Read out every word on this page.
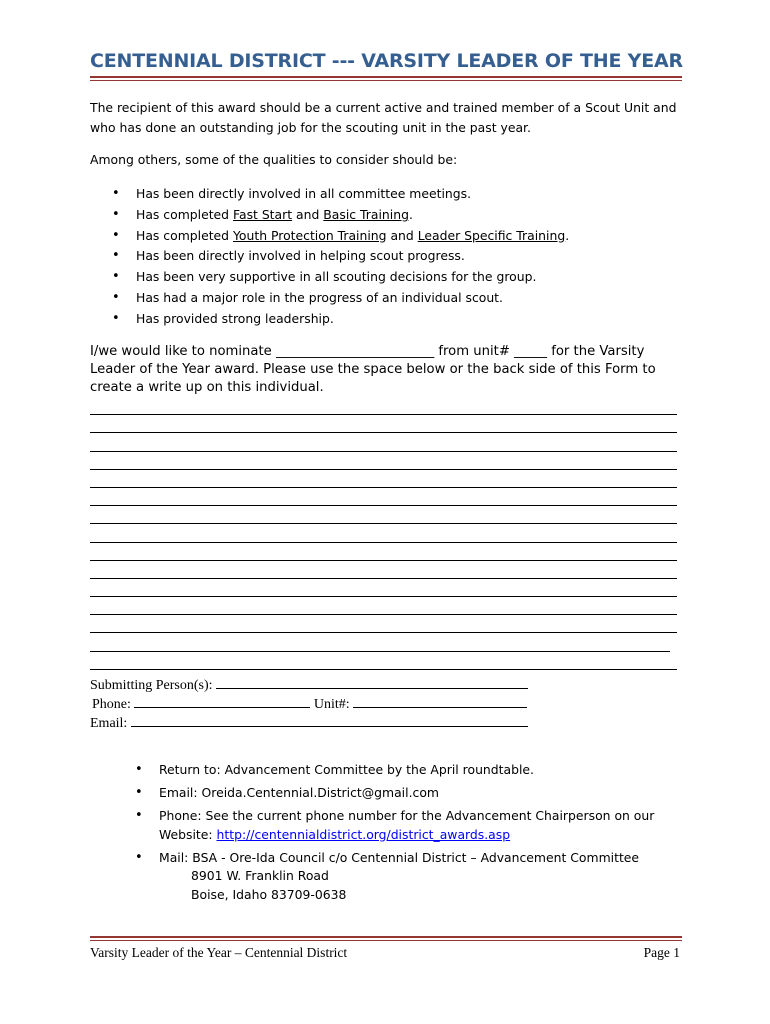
CENTENNIAL DISTRICT --- VARSITY LEADER OF THE YEAR
The recipient of this award should be a current active and trained member of a Scout Unit and who has done an outstanding job for the scouting unit in the past year.
Among others, some of the qualities to consider should be:
• Has been directly involved in all committee meetings.
• Has completed Fast Start and Basic Training.
• Has completed Youth Protection Training and Leader Specific Training.
• Has been directly involved in helping scout progress.
• Has been very supportive in all scouting decisions for the group.
• Has had a major role in the progress of an individual scout.
• Has provided strong leadership.
I/we would like to nominate ________________________ from unit# _____ for the Varsity Leader of the Year award. Please use the space below or the back side of this Form to create a write up on this individual.
Submitting Person(s):
Phone:	Unit#:
Email:
• Return to: Advancement Committee by the April roundtable.
• Email: Oreida.Centennial.District@gmail.com
• Phone: See the current phone number for the Advancement Chairperson on our
Website: http://centennialdistrict.org/district_awards.asp
• Mail: BSA - Ore-Ida Council c/o Centennial District – Advancement Committee
8901 W. Franklin Road
Boise, Idaho 83709-0638
Varsity Leader of the Year – Centennial District	Page 1
